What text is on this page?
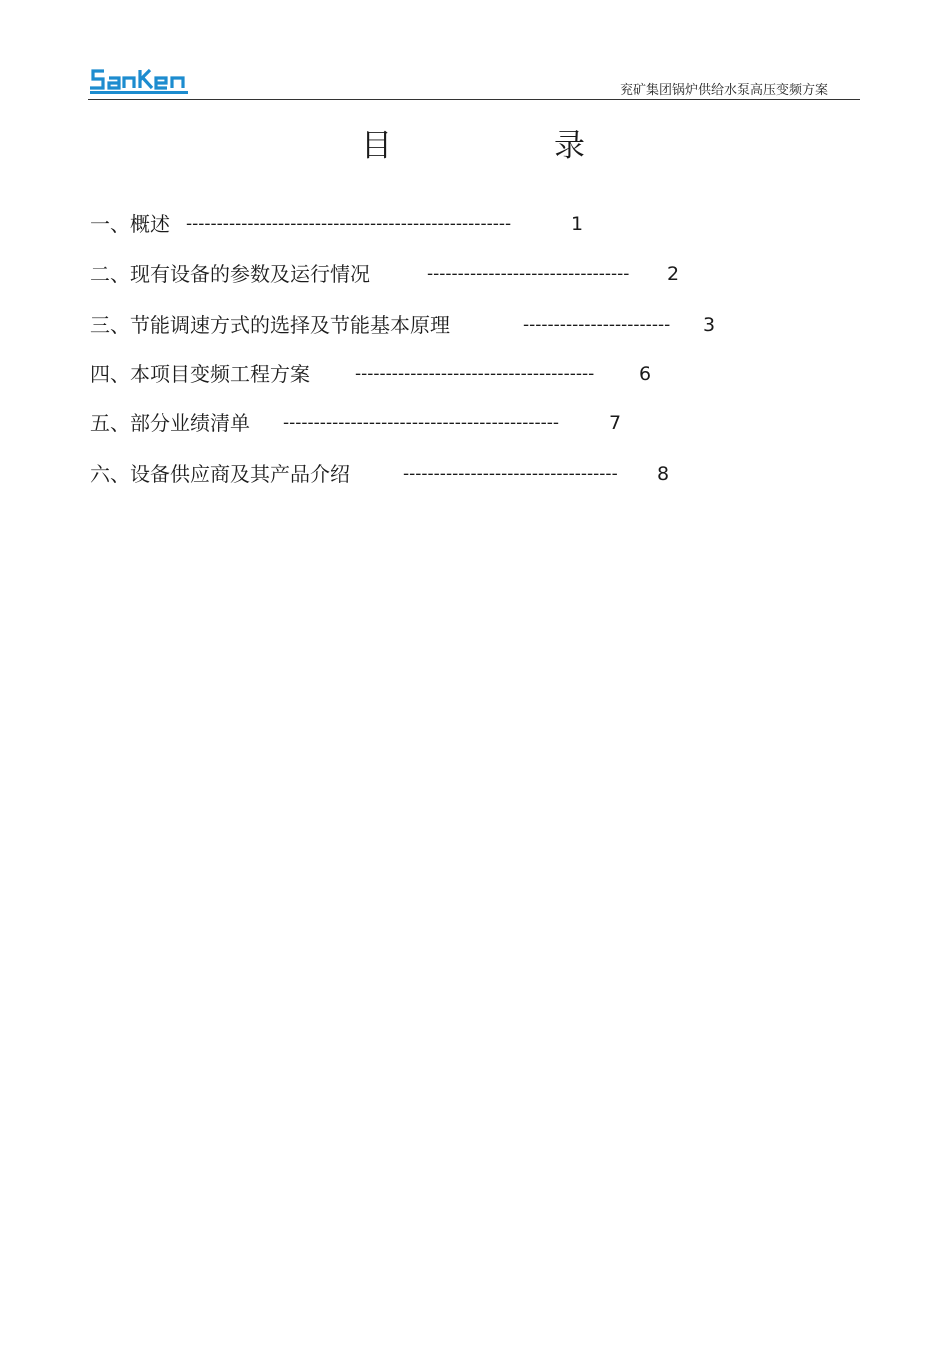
兖矿集团锅炉供给水泵高压变频方案
目	录
一、概述 -----------------------------------------------------	1
二、现有设备的参数及运行情况	---------------------------------	2
三、节能调速方式的选择及节能基本原理	------------------------	3
四、本项目变频工程方案	---------------------------------------	6
五、部分业绩清单 ---------------------------------------------	7
六、设备供应商及其产品介绍	-----------------------------------	8
